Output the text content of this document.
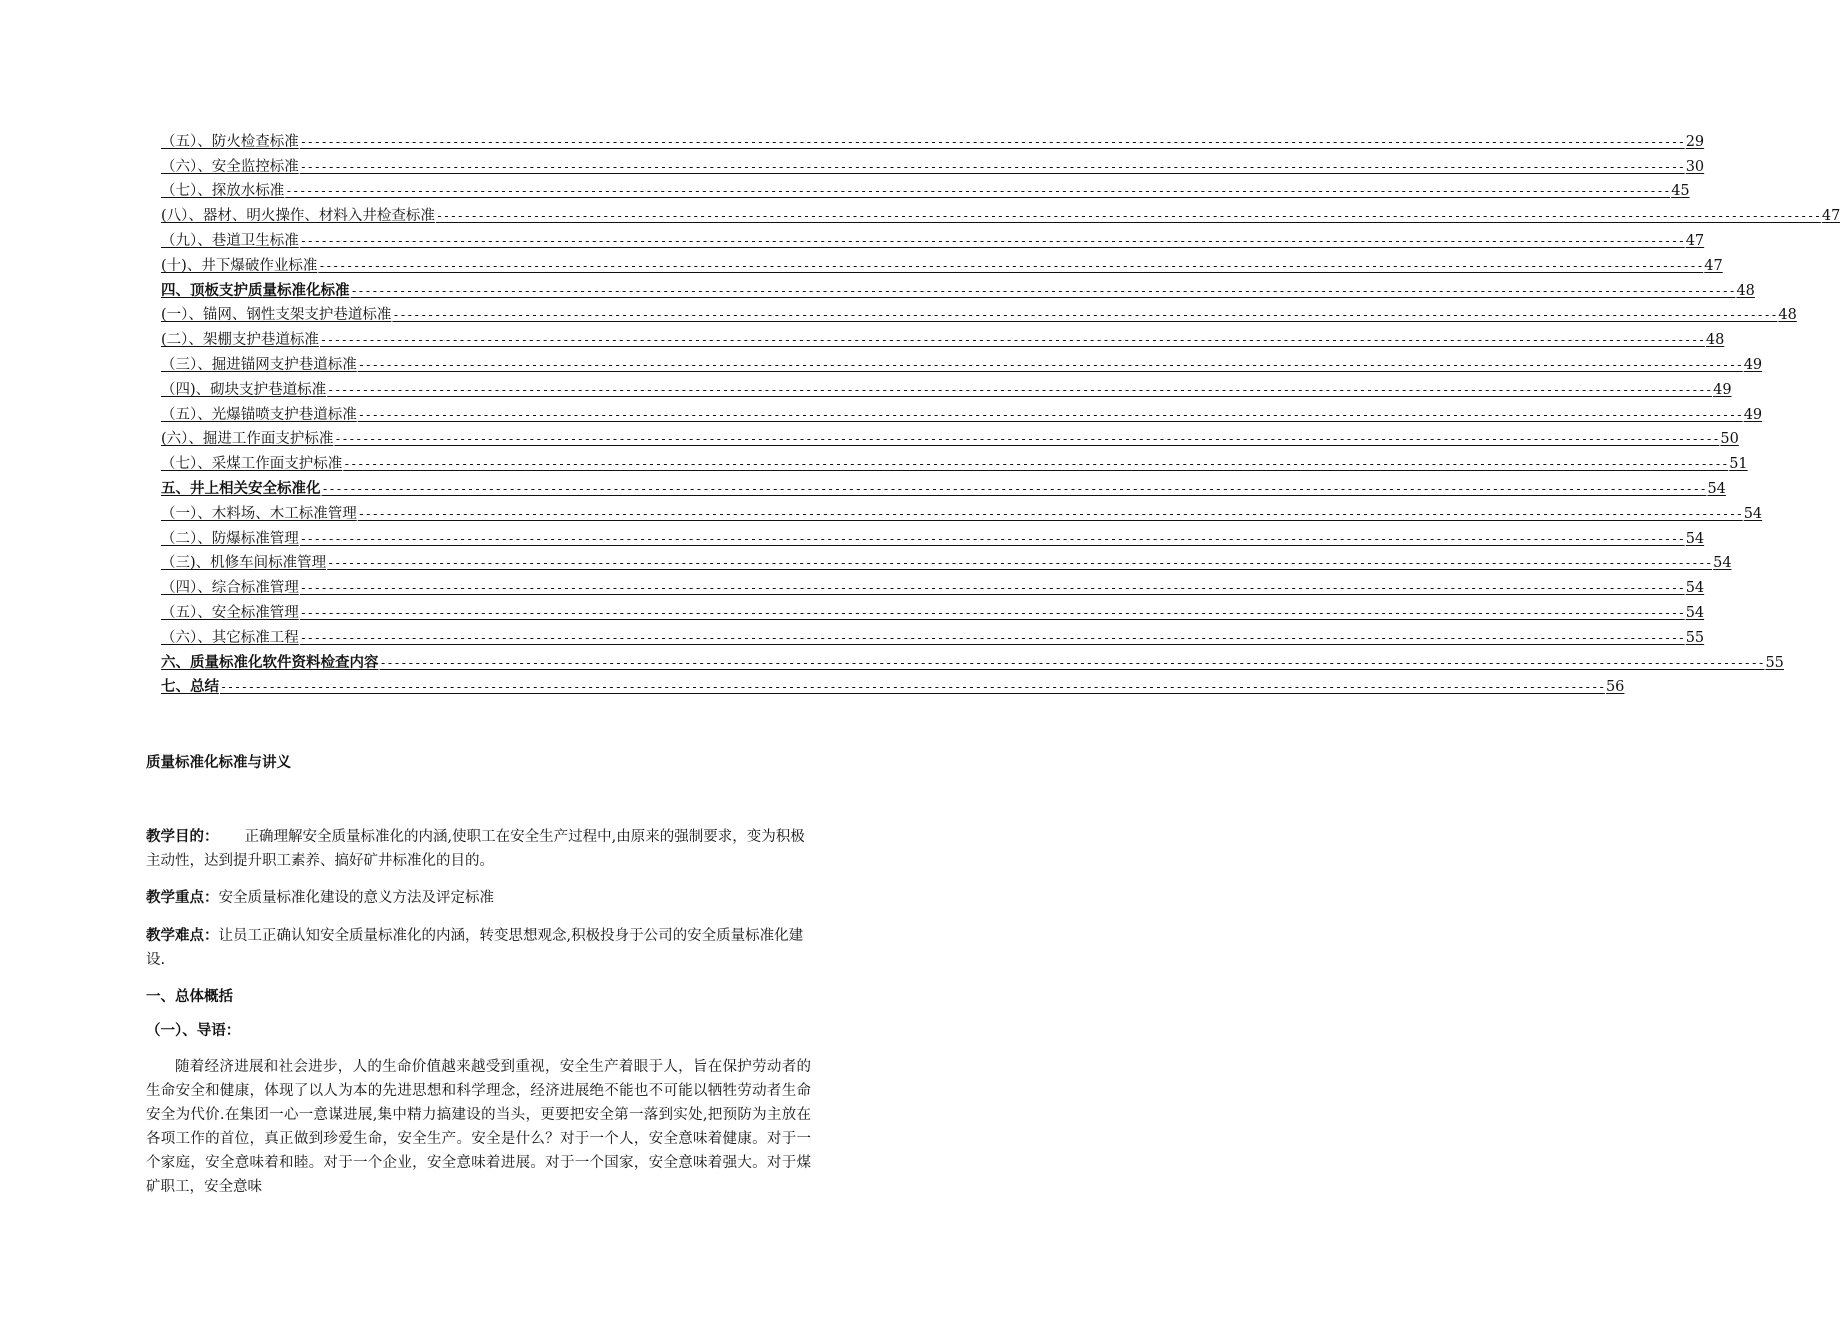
（五）、防火检查标准 -------------------------------------------------------------------------------------------------------------------------------------------------------------------------------------------------------- 29
（六）、安全监控标准 -------------------------------------------------------------------------------------------------------------------------------------------------------------------------------------------------------- 30
（七）、探放水标准 -------------------------------------------------------------------------------------------------------------------------------------------------------------------------------------------------------- 45
(八）、器材、明火操作、材料入井检查标准 -------------------------------------------------------------------------------------------------------------------------------------------------------------------------------------------------------- 47
（九）、巷道卫生标准 -------------------------------------------------------------------------------------------------------------------------------------------------------------------------------------------------------- 47
(十)、井下爆破作业标准 -------------------------------------------------------------------------------------------------------------------------------------------------------------------------------------------------------- 47
四、顶板支护质量标准化标准 -------------------------------------------------------------------------------------------------------------------------------------------------------------------------------------------------------- 48
(一）、锚网、钢性支架支护巷道标准 -------------------------------------------------------------------------------------------------------------------------------------------------------------------------------------------------------- 48
(二）、架棚支护巷道标准 -------------------------------------------------------------------------------------------------------------------------------------------------------------------------------------------------------- 48
（三）、掘进锚网支护巷道标准 -------------------------------------------------------------------------------------------------------------------------------------------------------------------------------------------------------- 49
（四)、砌块支护巷道标准 -------------------------------------------------------------------------------------------------------------------------------------------------------------------------------------------------------- 49
（五）、光爆锚喷支护巷道标准 -------------------------------------------------------------------------------------------------------------------------------------------------------------------------------------------------------- 49
(六）、掘进工作面支护标准 -------------------------------------------------------------------------------------------------------------------------------------------------------------------------------------------------------- 50
（七）、采煤工作面支护标准 -------------------------------------------------------------------------------------------------------------------------------------------------------------------------------------------------------- 51
五、井上相关安全标准化 -------------------------------------------------------------------------------------------------------------------------------------------------------------------------------------------------------- 54
（一）、木料场、木工标准管理 -------------------------------------------------------------------------------------------------------------------------------------------------------------------------------------------------------- 54
（二）、防爆标准管理 -------------------------------------------------------------------------------------------------------------------------------------------------------------------------------------------------------- 54
（三)、机修车间标准管理 -------------------------------------------------------------------------------------------------------------------------------------------------------------------------------------------------------- 54
（四）、综合标准管理 -------------------------------------------------------------------------------------------------------------------------------------------------------------------------------------------------------- 54
（五）、安全标准管理 -------------------------------------------------------------------------------------------------------------------------------------------------------------------------------------------------------- 54
（六）、其它标准工程 -------------------------------------------------------------------------------------------------------------------------------------------------------------------------------------------------------- 55
六、质量标准化软件资料检查内容 -------------------------------------------------------------------------------------------------------------------------------------------------------------------------------------------------------- 55
七、总结 -------------------------------------------------------------------------------------------------------------------------------------------------------------------------------------------------------- 56
质量标准化标准与讲义
教学目的： 正确理解安全质量标准化的内涵,使职工在安全生产过程中,由原来的强制要求，变为积极主动性，达到提升职工素养、搞好矿井标准化的目的。
教学重点：安全质量标准化建设的意义方法及评定标准
教学难点：让员工正确认知安全质量标准化的内涵，转变思想观念,积极投身于公司的安全质量标准化建设.
一、总体概括
（一）、导语：
随着经济进展和社会进步，人的生命价值越来越受到重视，安全生产着眼于人，旨在保护劳动者的生命安全和健康，体现了以人为本的先进思想和科学理念，经济进展绝不能也不可能以牺牲劳动者生命安全为代价.在集团一心一意谋进展,集中精力搞建设的当头，更要把安全第一落到实处,把预防为主放在各项工作的首位，真正做到珍爱生命，安全生产。安全是什么？对于一个人，安全意味着健康。对于一个家庭，安全意味着和睦。对于一个企业，安全意味着进展。对于一个国家，安全意味着强大。对于煤矿职工，安全意味
